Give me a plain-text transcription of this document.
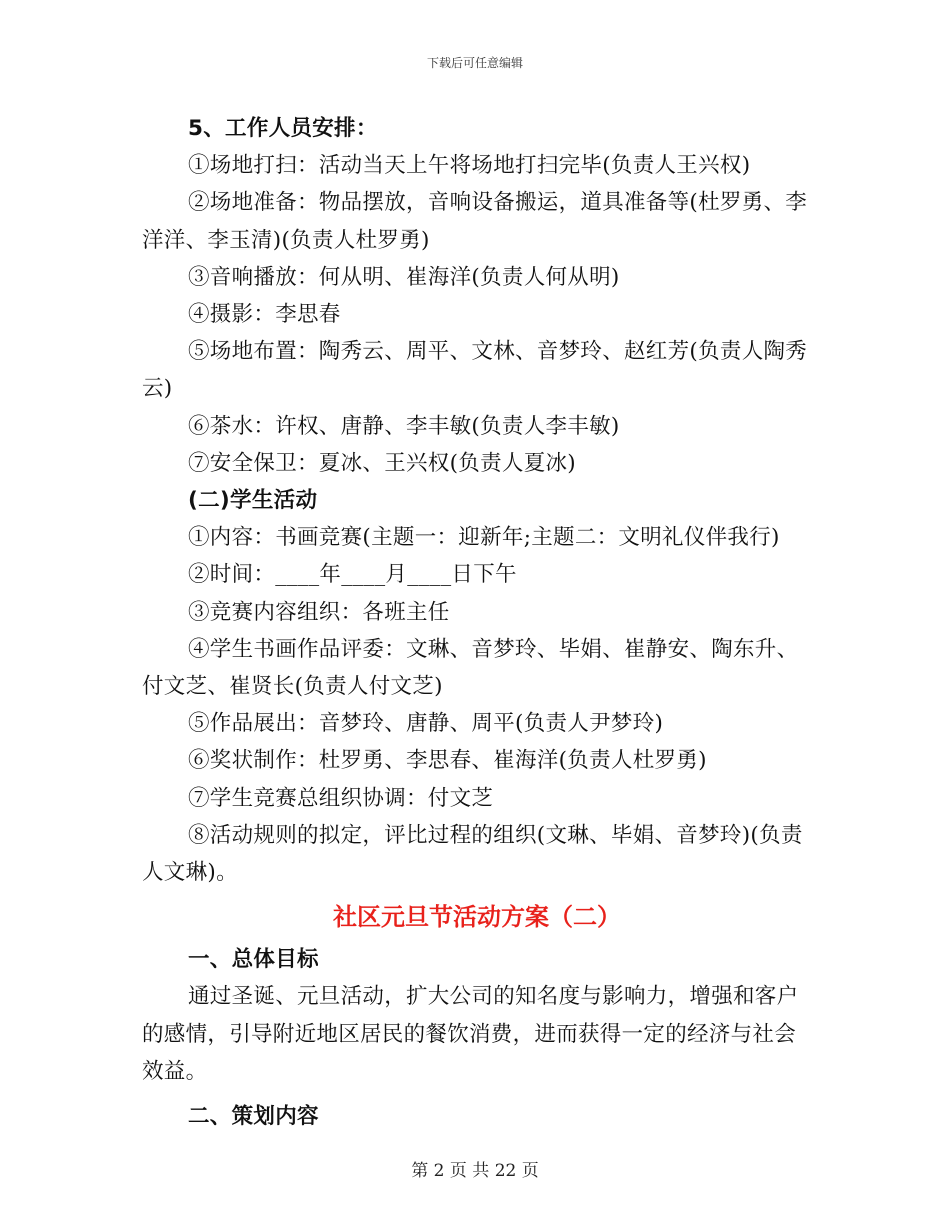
下载后可任意编辑

5、工作人员安排：

①场地打扫：活动当天上午将场地打扫完毕(负责人王兴权)

②场地准备：物品摆放，音响设备搬运，道具准备等(杜罗勇、李洋洋、李玉清)(负责人杜罗勇)

③音响播放：何从明、崔海洋(负责人何从明)

④摄影：李思春

⑤场地布置：陶秀云、周平、文林、音梦玲、赵红芳(负责人陶秀云)

⑥茶水：许权、唐静、李丰敏(负责人李丰敏)

⑦安全保卫：夏冰、王兴权(负责人夏冰)

(二)学生活动

①内容：书画竞赛(主题一：迎新年;主题二：文明礼仪伴我行)

②时间：____年____月____日下午

③竞赛内容组织：各班主任

④学生书画作品评委：文琳、音梦玲、毕娟、崔静安、陶东升、付文芝、崔贤长(负责人付文芝)

⑤作品展出：音梦玲、唐静、周平(负责人尹梦玲)

⑥奖状制作：杜罗勇、李思春、崔海洋(负责人杜罗勇)

⑦学生竞赛总组织协调：付文芝

⑧活动规则的拟定，评比过程的组织(文琳、毕娟、音梦玲)(负责人文琳)。

社区元旦节活动方案（二）

一、总体目标

通过圣诞、元旦活动，扩大公司的知名度与影响力，增强和客户的感情，引导附近地区居民的餐饮消费，进而获得一定的经济与社会效益。

二、策划内容

第 2 页 共 22 页
